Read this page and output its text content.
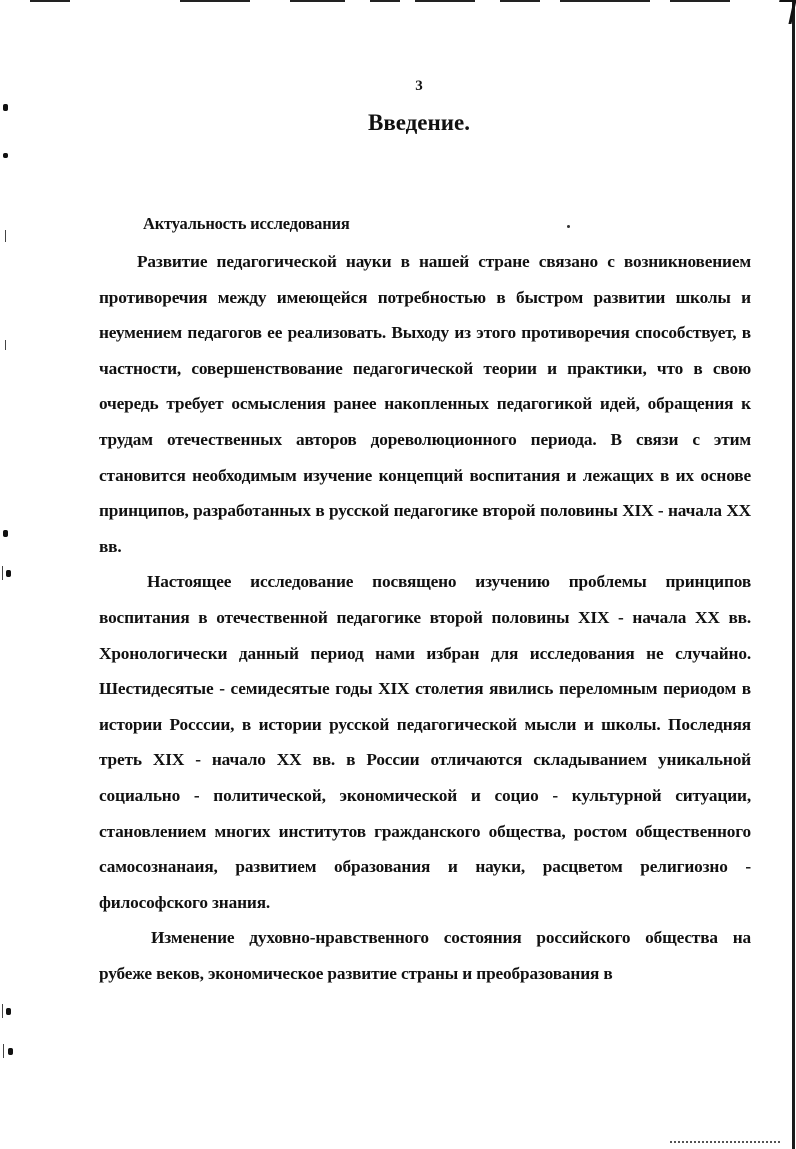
3
Введение.
Актуальность исследования

Развитие педагогической науки в нашей стране связано с возникновением противоречия между имеющейся потребностью в быстром развитии школы и неумением педагогов ее реализовать. Выходу из этого противоречия способствует, в частности, совершенствование педагогической теории и практики, что в свою очередь требует осмысления ранее накопленных педагогикой идей, обращения к трудам отечественных авторов дореволюционного периода. В связи с этим становится необходимым изучение концепций воспитания и лежащих в их основе принципов, разработанных в русской педагогике второй половины XIX - начала XX вв.

Настоящее исследование посвящено изучению проблемы принципов воспитания в отечественной педагогике второй половины XIX - начала XX вв. Хронологически данный период нами избран для исследования не случайно. Шестидесятые - семидесятые годы XIX столетия явились переломным периодом в истории Росссии, в истории русской педагогической мысли и школы. Последняя треть XIX - начало XX вв. в России отличаются складыванием уникальной социально - политической, экономической и социо - культурной ситуации, становлением многих институтов гражданского общества, ростом общественного самосознанаия, развитием образования и науки, расцветом религиозно - философского знания.

Изменение духовно-нравственного состояния российского общества на рубеже веков, экономическое развитие страны и преобразования в
